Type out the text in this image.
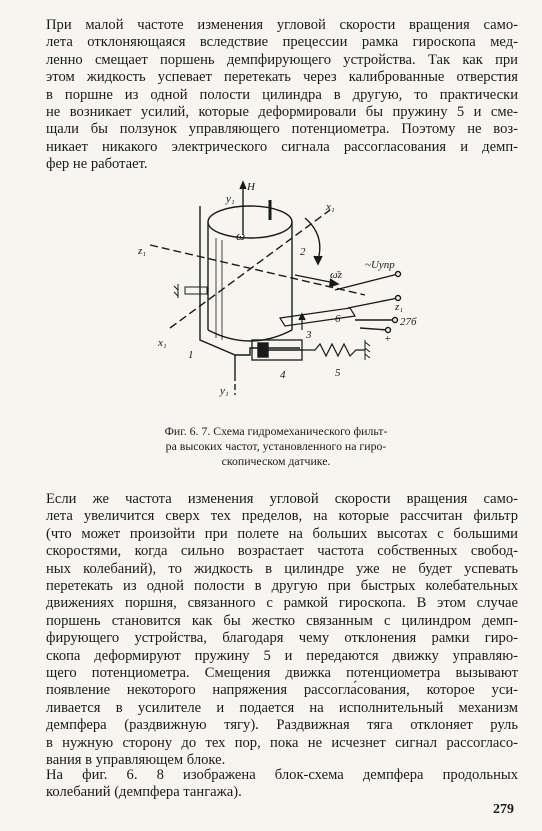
При малой частоте изменения угловой скорости вращения само-
лета отклоняющаяся вследствие прецессии рамка гироскопа мед-
ленно смещает поршень демпфирующего устройства. Так как при
этом жидкость успевает перетекать через калиброванные отверстия
в поршне из одной полости цилиндра в другую, то практически
не возникает усилий, которые деформировали бы пружину 5 и сме-
щали бы ползунок управляющего потенциометра. Поэтому не воз-
никает никакого электрического сигнала рассогласования и демп-
фер не работает.

H
y₁
x₁
ω
z₁	2
ω̄z
~Uупр
z₁
x₁
1
6
3
27б
+
y₁
4	5

Фиг. 6. 7. Схема гидромеханического фильт-
ра высоких частот, установленного на гиро-
скопическом датчике.

Если же частота изменения угловой скорости вращения само-
лета увеличится сверх тех пределов, на которые рассчитан фильтр
(что может произойти при полете на больших высотах с большими
скоростями, когда сильно возрастает частота собственных свобод-
ных колебаний), то жидкость в цилиндре уже не будет успевать
перетекать из одной полости в другую при быстрых колебательных
движениях поршня, связанного с рамкой гироскопа. В этом случае
поршень становится как бы жестко связанным с цилиндром демп-
фирующего устройства, благодаря чему отклонения рамки гиро-
скопа деформируют пружину 5 и передаются движку управляю-
щего потенциометра. Смещения движка потенциометра вызывают
появление некоторого напряжения рассогла́сования, которое уси-
ливается в усилителе и подается на исполнительный механизм
демпфера (раздвижную тягу). Раздвижная тяга отклоняет руль
в нужную сторону до тех пор, пока не исчезнет сигнал рассогласо-
вания в управляющем блоке.

На фиг. 6. 8 изображена блок-схема демпфера продольных
колебаний (демпфера тангажа).

279
